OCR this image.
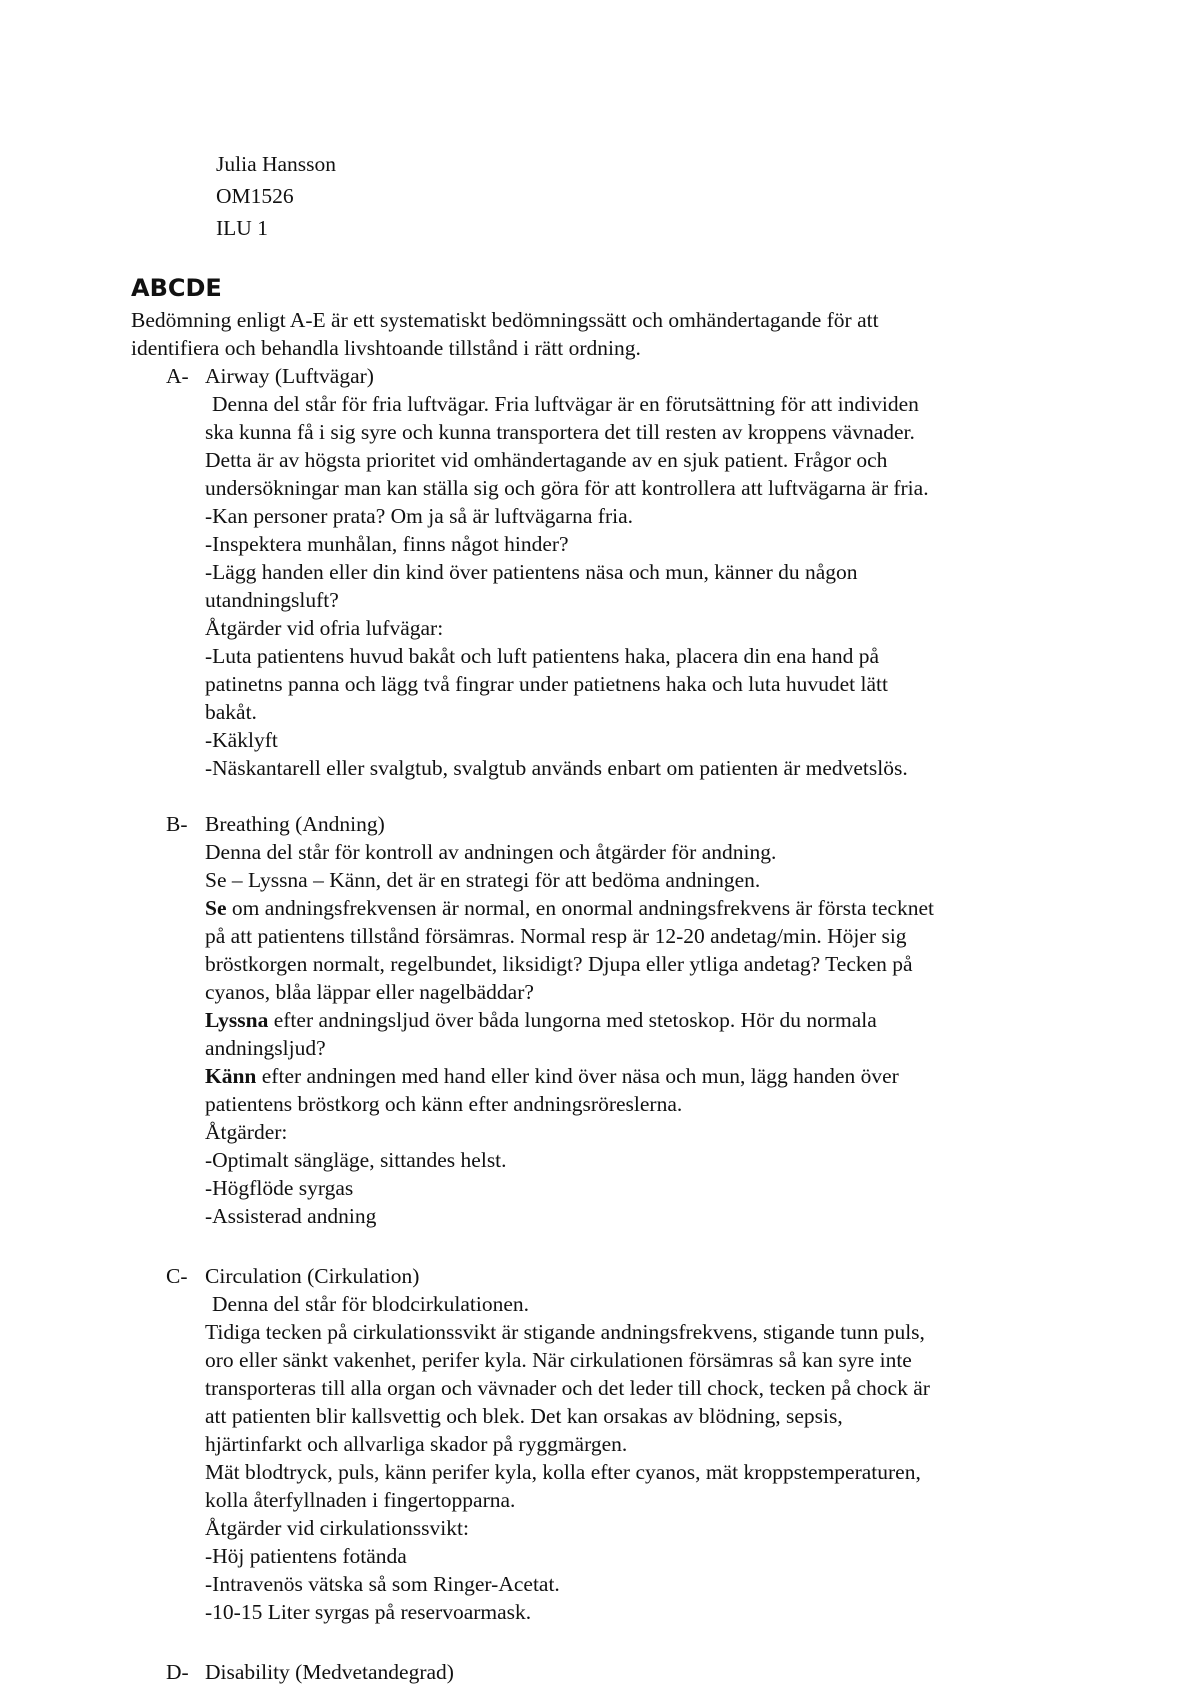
Julia Hansson
OM1526
ILU 1
ABCDE
Bedömning enligt A-E är ett systematiskt bedömningssätt och omhändertagande för att
identifiera och behandla livshtoande tillstånd i rätt ordning.
A- Airway (Luftvägar)
Denna del står för fria luftvägar. Fria luftvägar är en förutsättning för att individen
ska kunna få i sig syre och kunna transportera det till resten av kroppens vävnader.
Detta är av högsta prioritet vid omhändertagande av en sjuk patient. Frågor och
undersökningar man kan ställa sig och göra för att kontrollera att luftvägarna är fria.
-Kan personer prata? Om ja så är luftvägarna fria.
-Inspektera munhålan, finns något hinder?
-Lägg handen eller din kind över patientens näsa och mun, känner du någon
utandningsluft?
Åtgärder vid ofria lufvägar:
-Luta patientens huvud bakåt och luft patientens haka, placera din ena hand på
patinetns panna och lägg två fingrar under patietnens haka och luta huvudet lätt
bakåt.
-Käklyft
-Näskantarell eller svalgtub, svalgtub används enbart om patienten är medvetslös.
B- Breathing (Andning)
Denna del står för kontroll av andningen och åtgärder för andning.
Se – Lyssna – Känn, det är en strategi för att bedöma andningen.
Se om andningsfrekvensen är normal, en onormal andningsfrekvens är första tecknet
på att patientens tillstånd försämras. Normal resp är 12-20 andetag/min. Höjer sig
bröstkorgen normalt, regelbundet, liksidigt? Djupa eller ytliga andetag? Tecken på
cyanos, blåa läppar eller nagelbäddar?
Lyssna efter andningsljud över båda lungorna med stetoskop. Hör du normala
andningsljud?
Känn efter andningen med hand eller kind över näsa och mun, lägg handen över
patientens bröstkorg och känn efter andningsröreslerna.
Åtgärder:
-Optimalt sängläge, sittandes helst.
-Högflöde syrgas
-Assisterad andning
C- Circulation (Cirkulation)
Denna del står för blodcirkulationen.
Tidiga tecken på cirkulationssvikt är stigande andningsfrekvens, stigande tunn puls,
oro eller sänkt vakenhet, perifer kyla. När cirkulationen försämras så kan syre inte
transporteras till alla organ och vävnader och det leder till chock, tecken på chock är
att patienten blir kallsvettig och blek. Det kan orsakas av blödning, sepsis,
hjärtinfarkt och allvarliga skador på ryggmärgen.
Mät blodtryck, puls, känn perifer kyla, kolla efter cyanos, mät kroppstemperaturen,
kolla återfyllnaden i fingertopparna.
Åtgärder vid cirkulationssvikt:
-Höj patientens fotända
-Intravenös vätska så som Ringer-Acetat.
-10-15 Liter syrgas på reservoarmask.
D- Disability (Medvetandegrad)
